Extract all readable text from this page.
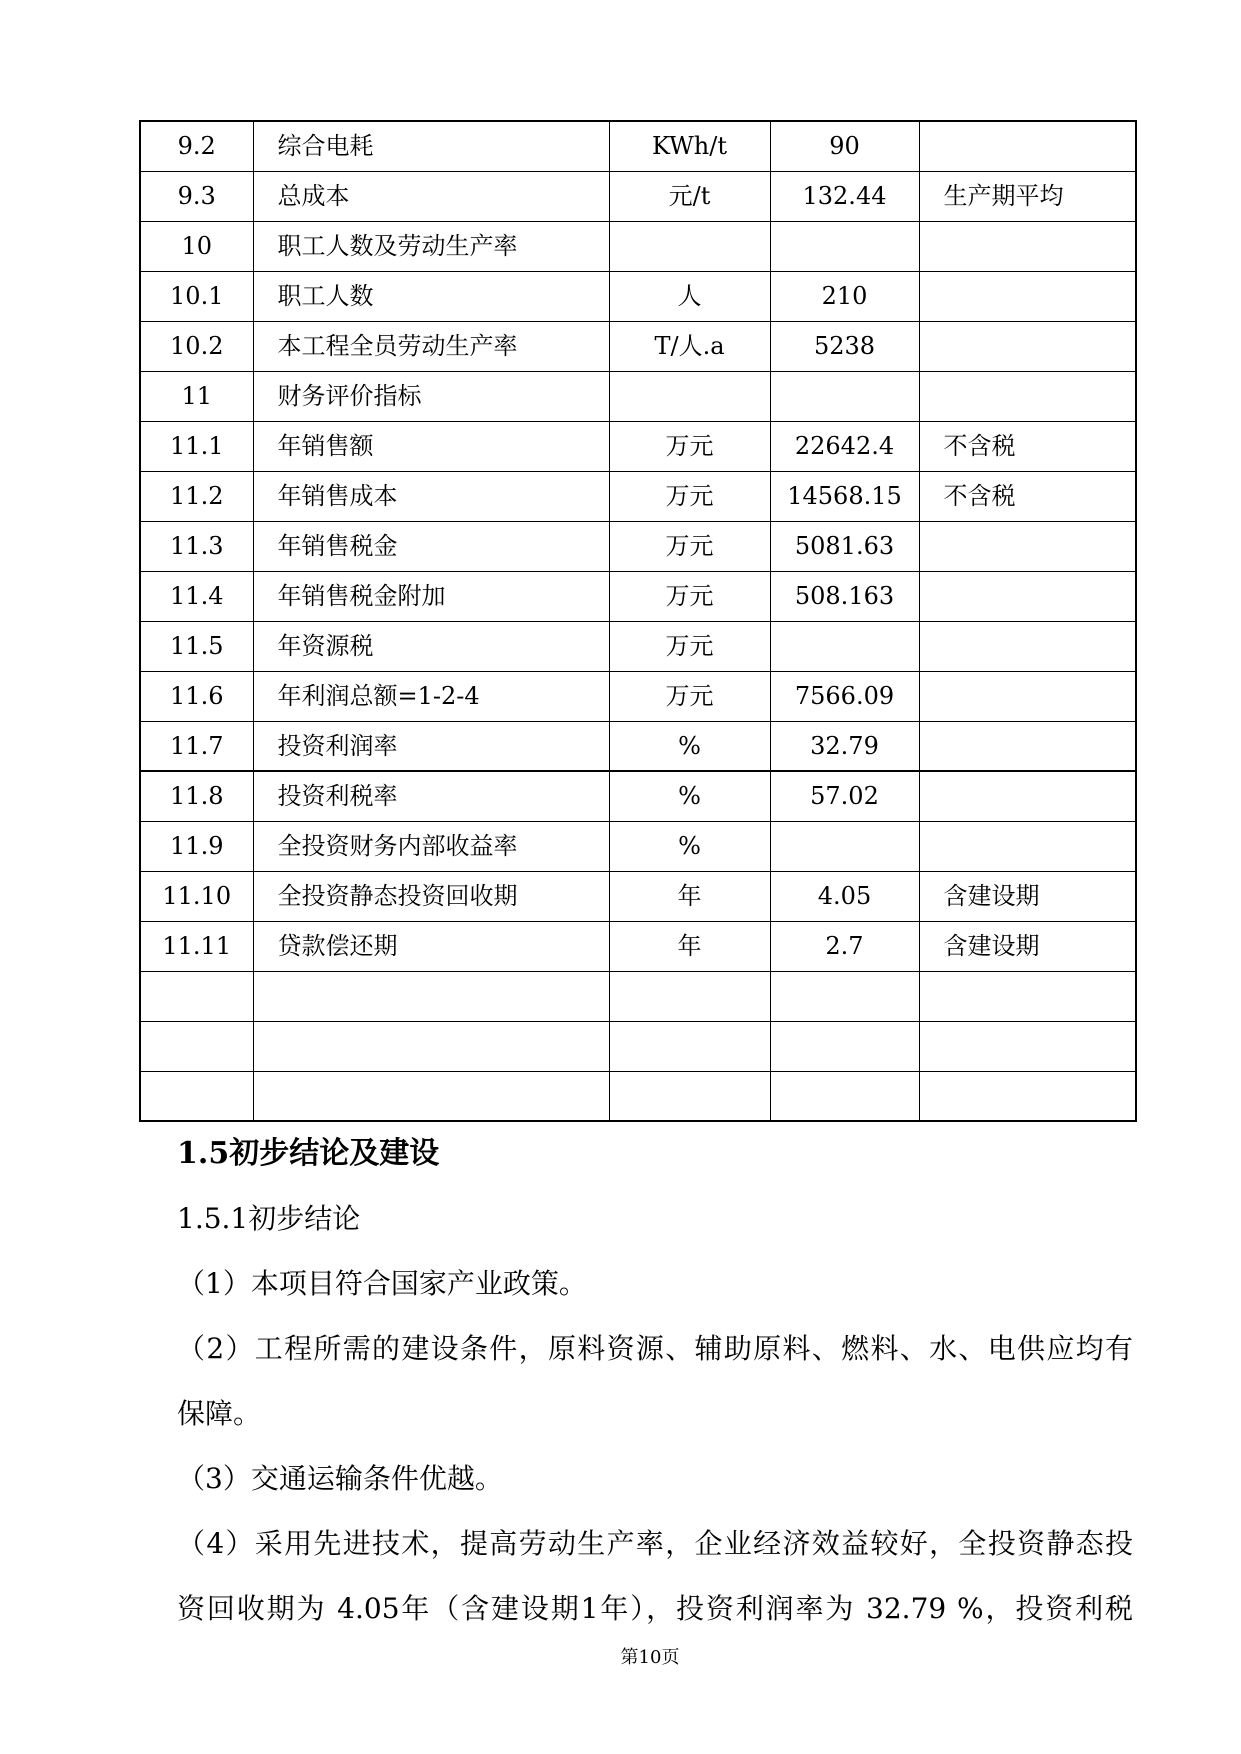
9.2	综合电耗	KWh/t	90	
9.3	总成本	元/t	132.44	生产期平均
10	职工人数及劳动生产率			
10.1	职工人数	人	210	
10.2	本工程全员劳动生产率	T/人.a	5238	
11	财务评价指标			
11.1	年销售额	万元	22642.4	不含税
11.2	年销售成本	万元	14568.15	不含税
11.3	年销售税金	万元	5081.63	
11.4	年销售税金附加	万元	508.163	
11.5	年资源税	万元		
11.6	年利润总额=1-2-4	万元	7566.09	
11.7	投资利润率	%	32.79	
11.8	投资利税率	%	57.02	
11.9	全投资财务内部收益率	%		
11.10	全投资静态投资回收期	年	4.05	含建设期
11.11	贷款偿还期	年	2.7	含建设期

1.5初步结论及建设
1.5.1初步结论
（1）本项目符合国家产业政策。
（2）工程所需的建设条件，原料资源、辅助原料、燃料、水、电供应均有
保障。
（3）交通运输条件优越。
（4）采用先进技术，提高劳动生产率，企业经济效益较好，全投资静态投
资回收期为 4.05年（含建设期1年），投资利润率为 32.79 %，投资利税
第10页
